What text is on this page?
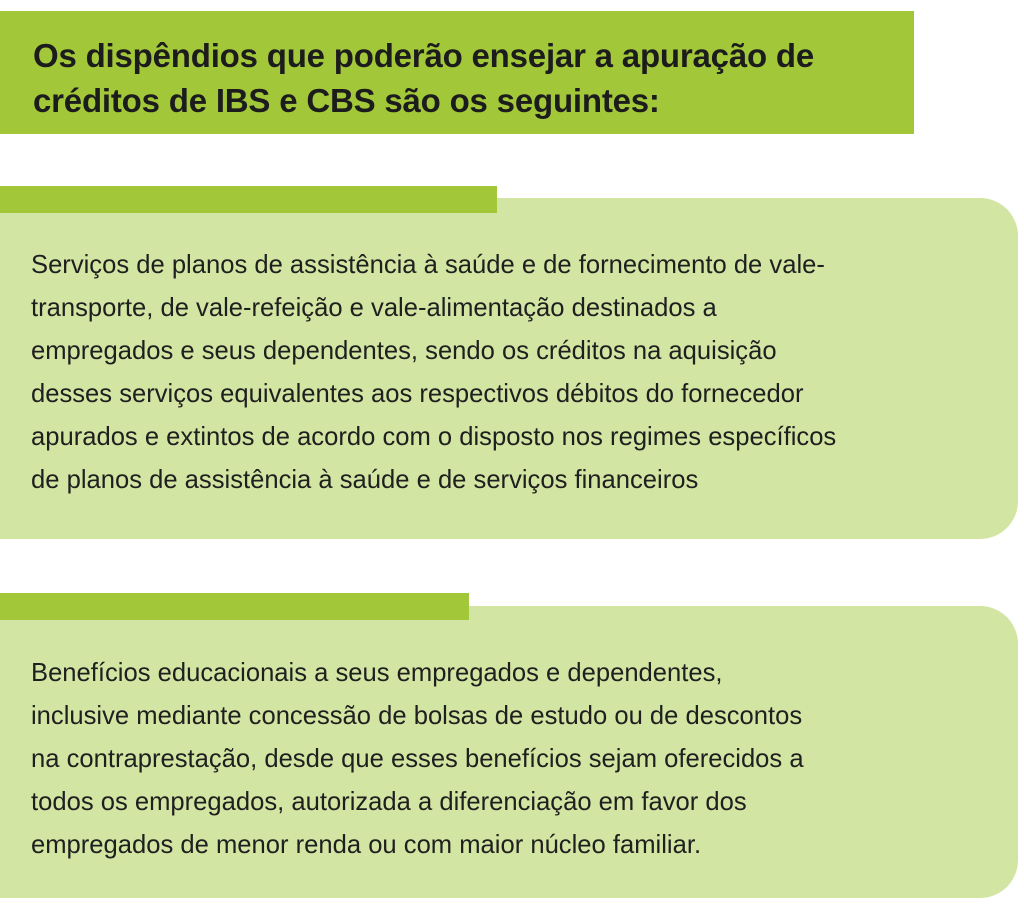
Os dispêndios que poderão ensejar a apuração de
créditos de IBS e CBS são os seguintes:

Serviços de planos de assistência à saúde e de fornecimento de vale-
transporte, de vale-refeição e vale-alimentação destinados a
empregados e seus dependentes, sendo os créditos na aquisição
desses serviços equivalentes aos respectivos débitos do fornecedor
apurados e extintos de acordo com o disposto nos regimes específicos
de planos de assistência à saúde e de serviços financeiros

Benefícios educacionais a seus empregados e dependentes,
inclusive mediante concessão de bolsas de estudo ou de descontos
na contraprestação, desde que esses benefícios sejam oferecidos a
todos os empregados, autorizada a diferenciação em favor dos
empregados de menor renda ou com maior núcleo familiar.
